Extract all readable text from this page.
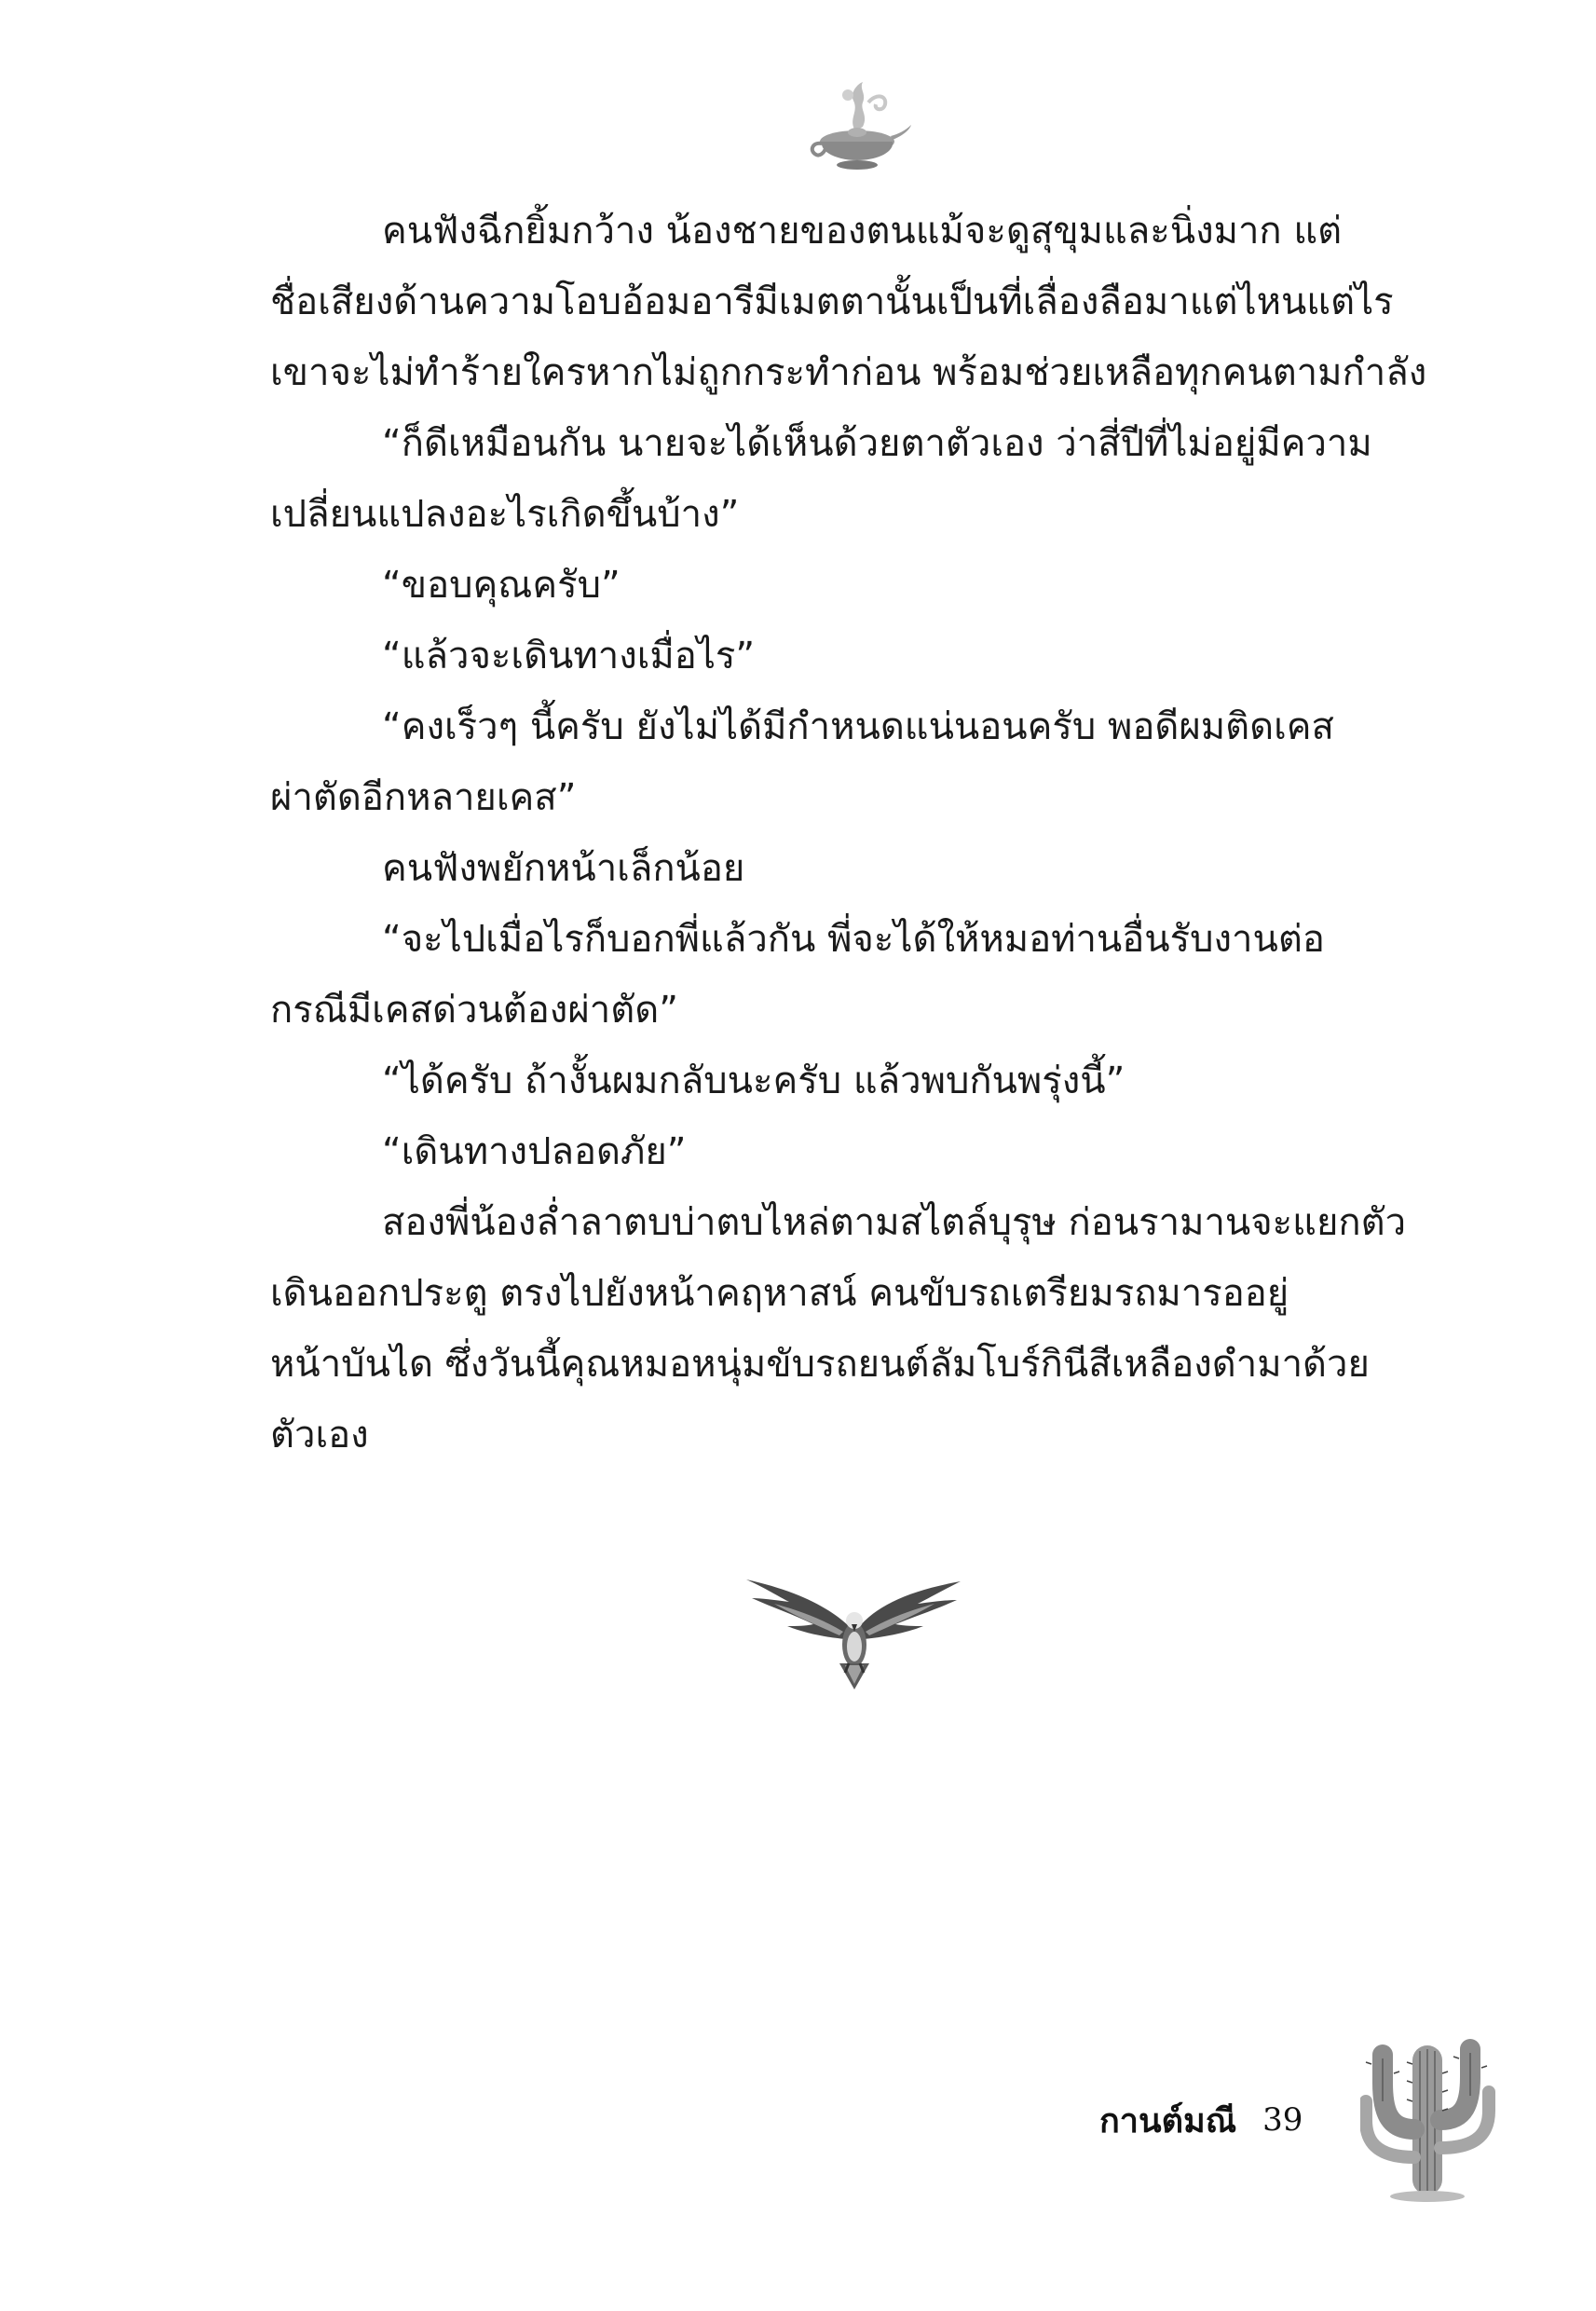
คนฟังฉีกยิ้มกว้าง น้องชายของตนแม้จะดูสุขุมและนิ่งมาก แต่
ชื่อเสียงด้านความโอบอ้อมอารีมีเมตตานั้นเป็นที่เลื่องลือมาแต่ไหนแต่ไร
เขาจะไม่ทำร้ายใครหากไม่ถูกกระทำก่อน พร้อมช่วยเหลือทุกคนตามกำลัง

“ก็ดีเหมือนกัน นายจะได้เห็นด้วยตาตัวเอง ว่าสี่ปีที่ไม่อยู่มีความ
เปลี่ยนแปลงอะไรเกิดขึ้นบ้าง”

“ขอบคุณครับ”

“แล้วจะเดินทางเมื่อไร”

“คงเร็วๆ นี้ครับ ยังไม่ได้มีกำหนดแน่นอนครับ พอดีผมติดเคส
ผ่าตัดอีกหลายเคส”

คนฟังพยักหน้าเล็กน้อย

“จะไปเมื่อไรก็บอกพี่แล้วกัน พี่จะได้ให้หมอท่านอื่นรับงานต่อ
กรณีมีเคสด่วนต้องผ่าตัด”

“ได้ครับ ถ้างั้นผมกลับนะครับ แล้วพบกันพรุ่งนี้”

“เดินทางปลอดภัย”

สองพี่น้องล่ำลาตบบ่าตบไหล่ตามสไตล์บุรุษ ก่อนรามานจะแยกตัว
เดินออกประตู ตรงไปยังหน้าคฤหาสน์ คนขับรถเตรียมรถมารออยู่
หน้าบันได ซึ่งวันนี้คุณหมอหนุ่มขับรถยนต์ลัมโบร์กินีสีเหลืองดำมาด้วย
ตัวเอง

กานต์มณี 39
